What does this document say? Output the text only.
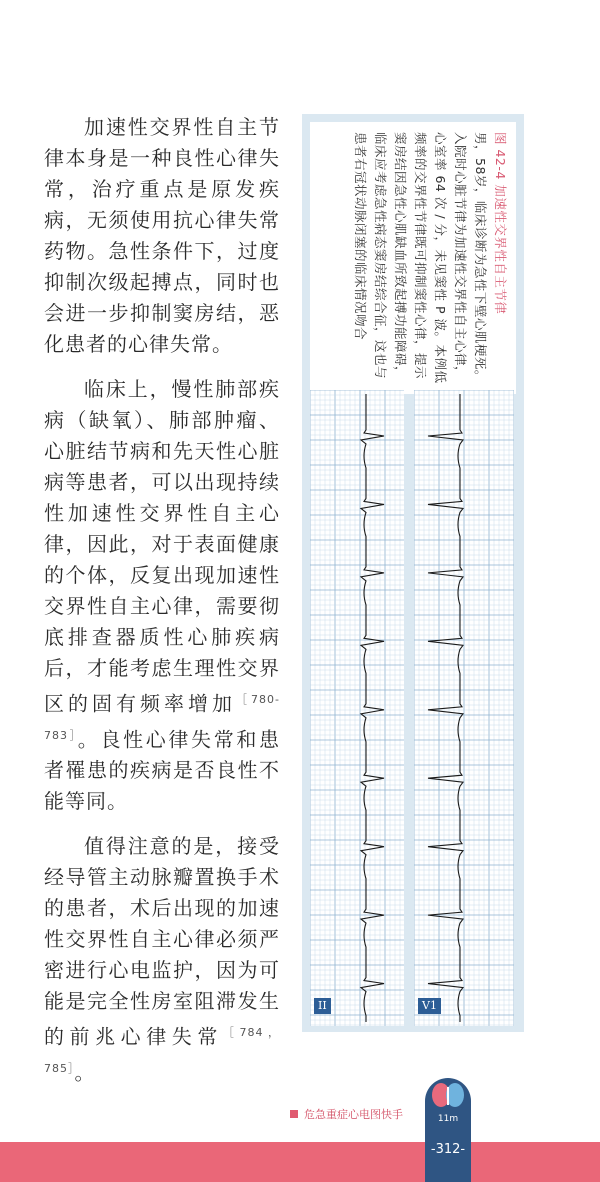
加速性交界性自主节律本身是一种良性心律失常，治疗重点是原发疾病，无须使用抗心律失常药物。急性条件下，过度抑制次级起搏点，同时也会进一步抑制窦房结，恶化患者的心律失常。

临床上，慢性肺部疾病（缺氧）、肺部肿瘤、心脏结节病和先天性心脏病等患者，可以出现持续性加速性交界性自主心律，因此，对于表面健康的个体，反复出现加速性交界性自主心律，需要彻底排查器质性心肺疾病后，才能考虑生理性交界区的固有频率增加$^{[780-783]}$。良性心律失常和患者罹患的疾病是否良性不能等同。

值得注意的是，接受经导管主动脉瓣置换手术的患者，术后出现的加速性交界性自主心律必须严密进行心电监护，因为可能是完全性房室阻滞发生的前兆心律失常$^{[784,785]}$。

图 42-4 加速性交界性自主节律
男，58岁，临床诊断为急性下壁心肌梗死。入院时心脏节律为加速性交界性自主心律，心室率 64 次 / 分，未见窦性 P 波。本例低频率的交界性节律既可抑制窦性心律，提示窦房结因急性心肌缺血所致起搏功能障碍，临床应考虑急性病态窦房结综合征，这也与患者右冠状动脉闭塞的临床情况吻合
II	V1
危急重症心电图快手	11m
-312-
